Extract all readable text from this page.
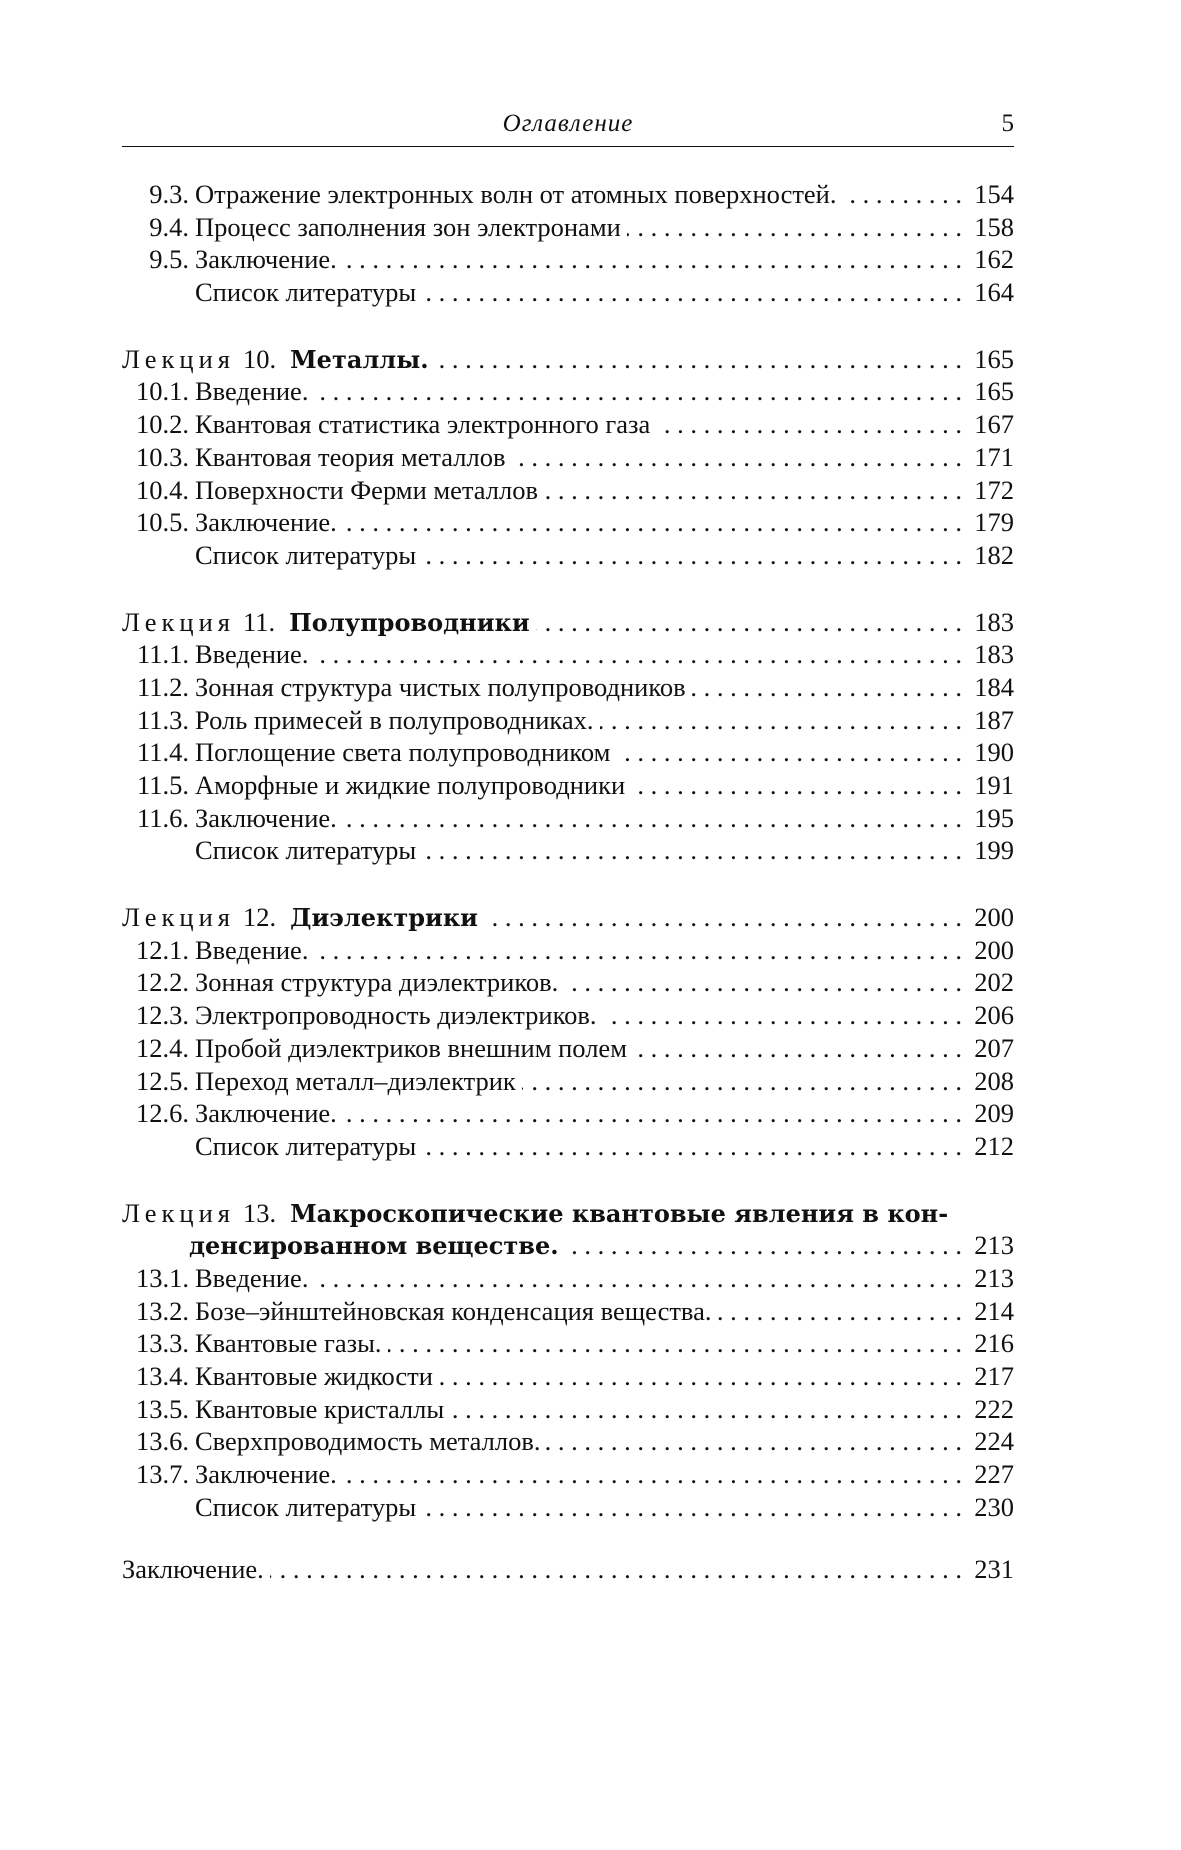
Оглавление	5
9.3. Отражение электронных волн от атомных поверхностей. . . .	154
9.4. Процесс заполнения зон электронами . . .	158
9.5. Заключение. . . .	162
Список литературы . . .	164
Лекция 10. Металлы. . . .	165
10.1. Введение. . . .	165
10.2. Квантовая статистика электронного газа . . .	167
10.3. Квантовая теория металлов . . .	171
10.4. Поверхности Ферми металлов . . .	172
10.5. Заключение. . . .	179
Список литературы . . .	182
Лекция 11. Полупроводники . . .	183
11.1. Введение. . . .	183
11.2. Зонная структура чистых полупроводников . . .	184
11.3. Роль примесей в полупроводниках. . . .	187
11.4. Поглощение света полупроводником . . .	190
11.5. Аморфные и жидкие полупроводники . . .	191
11.6. Заключение. . . .	195
Список литературы . . .	199
Лекция 12. Диэлектрики . . .	200
12.1. Введение. . . .	200
12.2. Зонная структура диэлектриков. . . .	202
12.3. Электропроводность диэлектриков. . . .	206
12.4. Пробой диэлектриков внешним полем . . .	207
12.5. Переход металл–диэлектрик . . .	208
12.6. Заключение. . . .	209
Список литературы . . .	212
Лекция 13. Макроскопические квантовые явления в кон-
денсированном веществе. . . .	213
13.1. Введение. . . .	213
13.2. Бозе–эйнштейновская конденсация вещества. . . .	214
13.3. Квантовые газы. . . .	216
13.4. Квантовые жидкости . . .	217
13.5. Квантовые кристаллы . . .	222
13.6. Сверхпроводимость металлов. . . .	224
13.7. Заключение. . . .	227
Список литературы . . .	230
Заключение. . . .	231
